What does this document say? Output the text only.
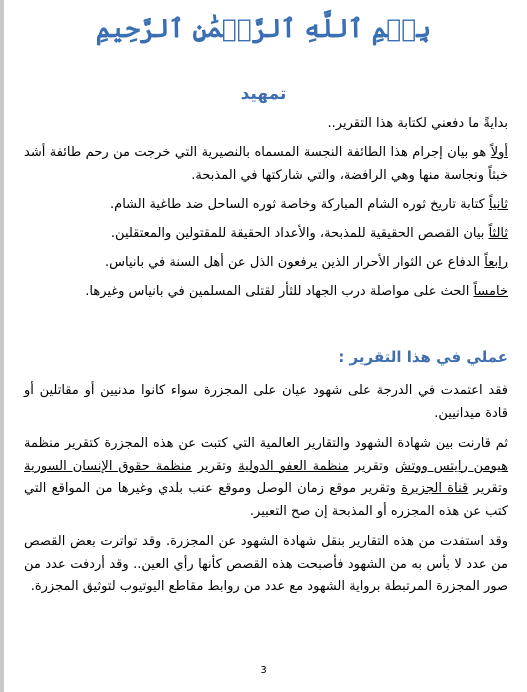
بِسۡمِ ٱللَّهِ ٱلرَّحۡمَٰنِ ٱلرَّحِيمِ
تمهيد

بدايةً ما دفعني لكتابة هذا التقرير..

أولاً هو بيان إجرام هذا الطائفة النجسة المسماه بالنصيرية التي خرجت من رحم طائفة أشد خبثاً ونجاسة منها وهي الرافضة، والتي شاركتها في المذبحة.

ثانياً كتابة تاريخ ثوره الشام المباركة وخاصة ثوره الساحل ضد طاغية الشام.

ثالثاً بيان القصص الحقيقية للمذبحة، والأعداد الحقيقة للمقتولين والمعتقلين.

رابعاً الدفاع عن الثوار الأحرار الذين يرفعون الذل عن أهل السنة في بانياس.

خامساً الحث على مواصلة درب الجهاد للثأر لقتلى المسلمين في بانياس وغيرها.

عملي في هذا التقرير :

فقد اعتمدت في الدرجة على شهود عيان على المجزرة سواء كانوا مدنيين أو مقاتلين أو قادة ميدانيين.

ثم قارنت بين شهادة الشهود والتقارير العالمية التي كتبت عن هذه المجزرة كتقرير منظمة هيومن رايتس ووتش وتقرير منظمة العفو الدولية وتقرير منظمة حقوق الإنسان السورية وتقرير قناة الجزيرة وتقرير موقع زمان الوصل وموقع عنب بلدي وغيرها من المواقع التي كتب عن هذه المجزره أو المذبحة إن صح التعبير.

وقد استفدت من هذه التقارير بنقل شهادة الشهود عن المجزرة. وقد تواترت بعض القصص من عدد لا بأس به من الشهود فأصبحت هذه القصص كأنها رأي العين.. وقد أردفت عدد من صور المجزرة المرتبطة برواية الشهود مع عدد من روابط مقاطع اليوتيوب لتوثيق المجزرة.

3
